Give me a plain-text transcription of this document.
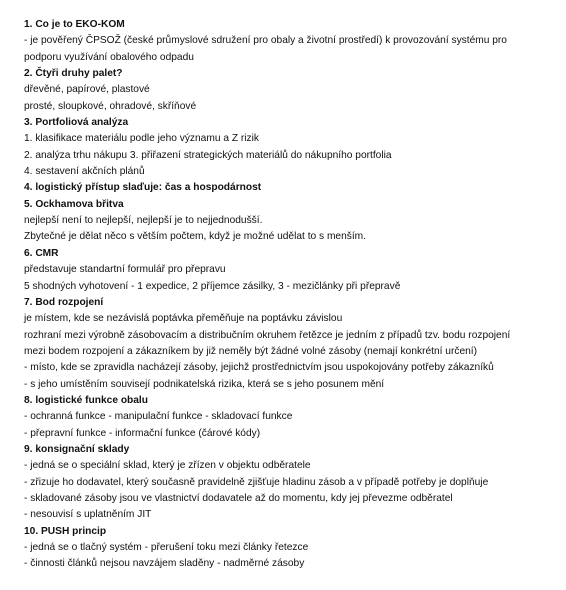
1. Co je to EKO-KOM
- je pověřený ČPSOŽ (české průmyslové sdružení pro obaly a životní prostředí) k provozování systému pro
podporu využívání obalového odpadu
2. Čtyři druhy palet?
dřevěné, papírové, plastové
prosté, sloupkové, ohradové, skříňové
3. Portfoliová analýza
1. klasifikace materiálu podle jeho významu a Z rizik
2. analýza trhu nákupu 3. přiřazení strategických materiálů do nákupního portfolia
4. sestavení akčních plánů
4. logistický přístup slaďuje: čas a hospodárnost
5. Ockhamova břitva
nejlepší není to nejlepší, nejlepší je to nejjednodušší.
Zbytečné je dělat něco s větším počtem, když je možné udělat to s menším.
6. CMR
představuje standartní formulář pro přepravu
5 shodných vyhotovení - 1 expedice, 2 příjemce zásilky, 3 - mezičlánky při přepravě
7. Bod rozpojení
je místem, kde se nezávislá poptávka přeměňuje na poptávku závislou
rozhraní mezi výrobně zásobovacím a distribučním okruhem řetězce je jedním z případů tzv. bodu rozpojení
mezi bodem rozpojení a zákazníkem by již neměly být žádné volné zásoby (nemají konkrétní určení)
- místo, kde se zpravidla nacházejí zásoby, jejichž prostřednictvím jsou uspokojovány potřeby zákazníků
- s jeho umístěním souvisejí podnikatelská rizika, která se s jeho posunem mění
8. logistické funkce obalu
- ochranná funkce - manipulační funkce - skladovací funkce
- přepravní funkce - informační funkce (čárové kódy)
9. konsignační sklady
- jedná se o speciální sklad, který je zřízen v objektu odběratele
- zřizuje ho dodavatel, který současně pravidelně zjišťuje hladinu zásob a v případě potřeby je doplňuje
- skladované zásoby jsou ve vlastnictví dodavatele až do momentu, kdy jej převezme odběratel
- nesouvisí s uplatněním JIT
10. PUSH princip
- jedná se o tlačný systém - přerušení toku mezi články řetezce
- činnosti článků nejsou navzájem sladěny - nadměrné zásoby
